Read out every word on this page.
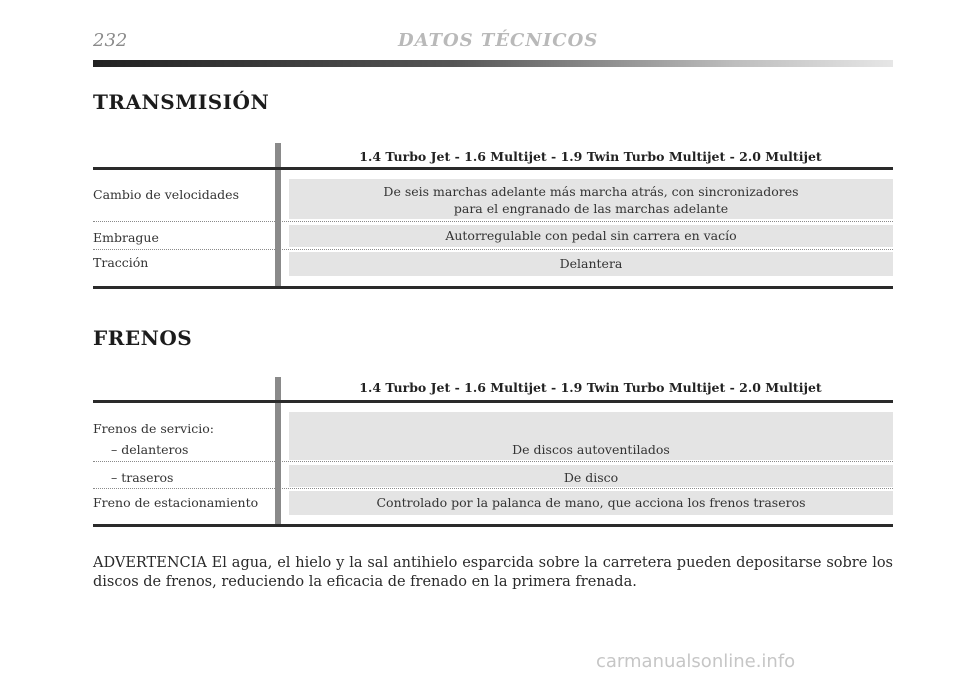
232	DATOS TÉCNICOS
TRANSMISIÓN
1.4 Turbo Jet - 1.6 Multijet - 1.9 Twin Turbo Multijet - 2.0 Multijet
Cambio de velocidades	De seis marchas adelante más marcha atrás, con sincronizadores
para el engranado de las marchas adelante
Embrague	Autorregulable con pedal sin carrera en vacío
Tracción	Delantera
FRENOS
1.4 Turbo Jet - 1.6 Multijet - 1.9 Twin Turbo Multijet - 2.0 Multijet
Frenos de servicio:
– delanteros	De discos autoventilados
– traseros	De disco
Freno de estacionamiento	Controlado por la palanca de mano, que acciona los frenos traseros
ADVERTENCIA El agua, el hielo y la sal antihielo esparcida sobre la carretera pueden depositarse sobre los discos de frenos, reduciendo la eficacia de frenado en la primera frenada.
carmanualsonline.info
